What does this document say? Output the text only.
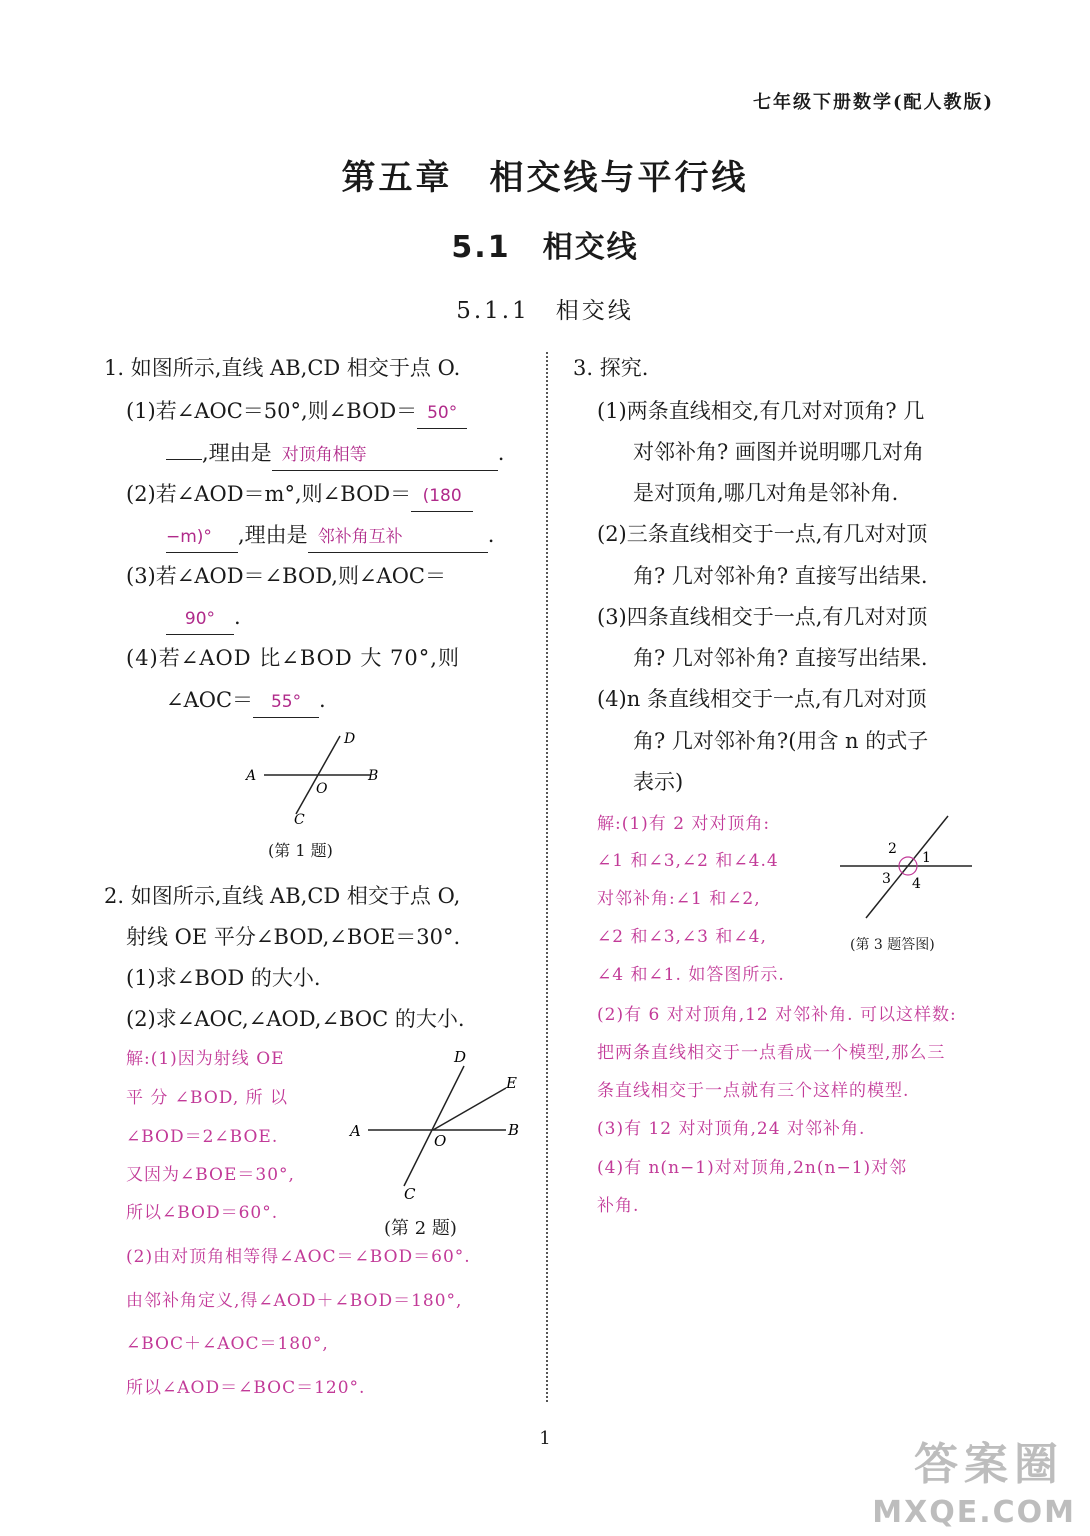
七年级下册数学(配人教版)
第五章　相交线与平行线
5.1　相交线
5.1.1　相交线
1. 如图所示,直线 AB,CD 相交于点 O.
(1)若∠AOC＝50°,则∠BOD＝ 50°
,理由是 对顶角相等	.
(2)若∠AOD＝m°,则∠BOD＝ (180
−m)° ,理由是 邻补角互补	.
(3)若∠AOD＝∠BOD,则∠AOC＝
90° .
(4)若∠AOD 比∠BOD 大 70°,则
∠AOC＝ 55° .
A	B
C
D
O
(第 1 题)
2. 如图所示,直线 AB,CD 相交于点 O,
射线 OE 平分∠BOD,∠BOE＝30°.
(1)求∠BOD 的大小.
(2)求∠AOC,∠AOD,∠BOC 的大小.
解:(1)因为射线 OE
平 分 ∠BOD, 所 以
∠BOD＝2∠BOE.
又因为∠BOE＝30°,
所以∠BOD＝60°.
(2)由对顶角相等得∠AOC＝∠BOD＝60°.
由邻补角定义,得∠AOD＋∠BOD＝180°,
∠BOC＋∠AOC＝180°,
所以∠AOD＝∠BOC＝120°.
A	B
C
D
E
O
(第 2 题)
3. 探究.
(1)两条直线相交,有几对对顶角? 几
对邻补角? 画图并说明哪几对角
是对顶角,哪几对角是邻补角.
(2)三条直线相交于一点,有几对对顶
角? 几对邻补角? 直接写出结果.
(3)四条直线相交于一点,有几对对顶
角? 几对邻补角? 直接写出结果.
(4)n 条直线相交于一点,有几对对顶
角? 几对邻补角?(用含 n 的式子
表示)
解:(1)有 2 对对顶角:
∠1 和∠3,∠2 和∠4.4
对邻补角:∠1 和∠2,
∠2 和∠3,∠3 和∠4,
∠4 和∠1. 如答图所示.
1
2
3 4
(第 3 题答图)
(2)有 6 对对顶角,12 对邻补角. 可以这样数:
把两条直线相交于一点看成一个模型,那么三
条直线相交于一点就有三个这样的模型.
(3)有 12 对对顶角,24 对邻补角.
(4)有 n(n−1)对对顶角,2n(n−1)对邻
补角.
1
答案圈
MXQE.COM
